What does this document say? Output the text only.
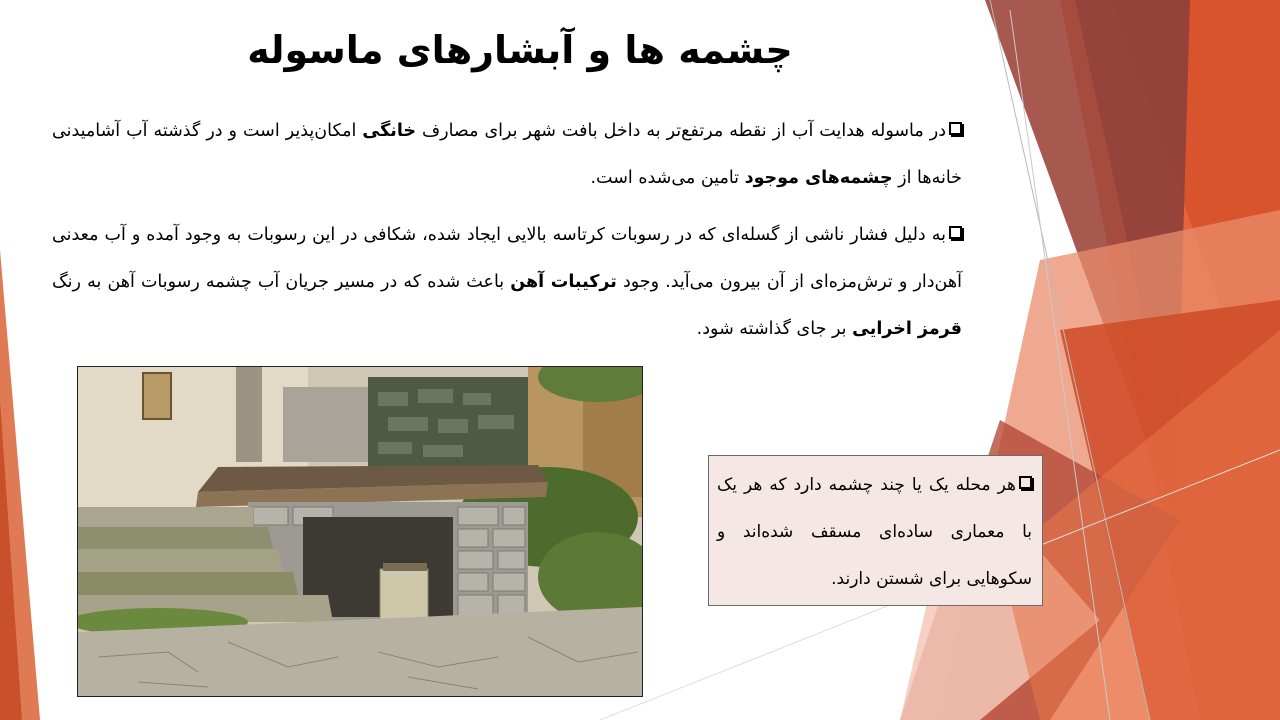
چشمه ها و آبشارهای ماسوله

در ماسوله هدایت آب از نقطه مرتفع‌تر به داخل بافت شهر برای مصارف خانگی امکان‌پذیر است و در گذشته آب آشامیدنی خانه‌ها از چشمه‌های موجود تامین می‌شده است.

به دلیل فشار ناشی از گسله‌ای که در رسوبات کرتاسه بالایی ایجاد شده، شکافی در این رسوبات به وجود آمده و آب معدنی آهن‌دار و ترش‌مزه‌ای از آن بیرون می‌آید. وجود ترکیبات آهن باعث شده که در مسیر جریان آب چشمه رسوبات آهن به رنگ قرمز اخرایی بر جای گذاشته شود.

هر محله یک یا چند چشمه دارد که هر یک با معماری ساده‌ای مسقف شده‌اند و سکوهایی برای شستن دارند.
